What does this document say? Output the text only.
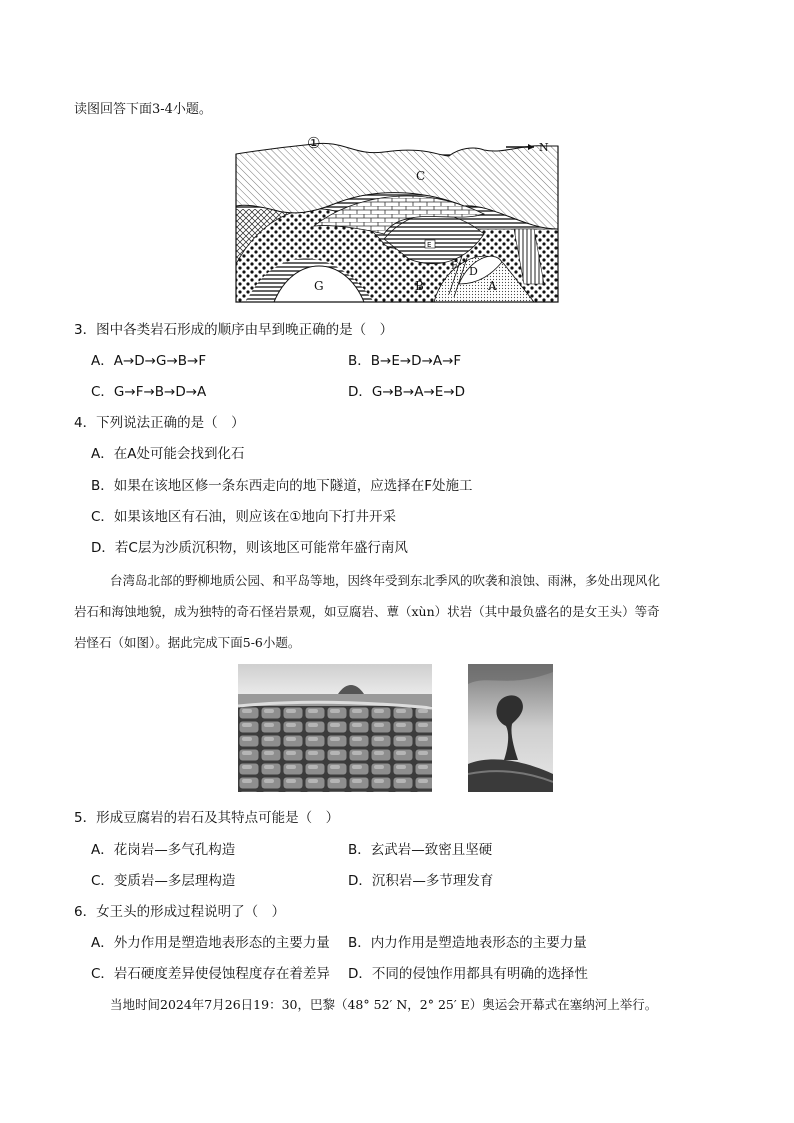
读图回答下面3-4小题。
①	N
C
E
F D
G	B	A
3．图中各类岩石形成的顺序由早到晚正确的是（　）
A．A→D→G→B→F	B．B→E→D→A→F
C．G→F→B→D→A	D．G→B→A→E→D
4．下列说法正确的是（　）
A．在A处可能会找到化石
B．如果在该地区修一条东西走向的地下隧道，应选择在F处施工
C．如果该地区有石油，则应该在①地向下打井开采
D．若C层为沙质沉积物，则该地区可能常年盛行南风
台湾岛北部的野柳地质公园、和平岛等地，因终年受到东北季风的吹袭和浪蚀、雨淋，多处出现风化
岩石和海蚀地貌，成为独特的奇石怪岩景观，如豆腐岩、蕈（xùn）状岩（其中最负盛名的是女王头）等奇
岩怪石（如图）。据此完成下面5-6小题。
5．形成豆腐岩的岩石及其特点可能是（　）
A．花岗岩—多气孔构造	B．玄武岩—致密且坚硬
C．变质岩—多层理构造	D．沉积岩—多节理发育
6．女王头的形成过程说明了（　）
A．外力作用是塑造地表形态的主要力量 B．内力作用是塑造地表形态的主要力量
C．岩石硬度差异使侵蚀程度存在着差异 D．不同的侵蚀作用都具有明确的选择性
当地时间2024年7月26日19：30，巴黎（48° 52′ N，2° 25′ E）奥运会开幕式在塞纳河上举行。
